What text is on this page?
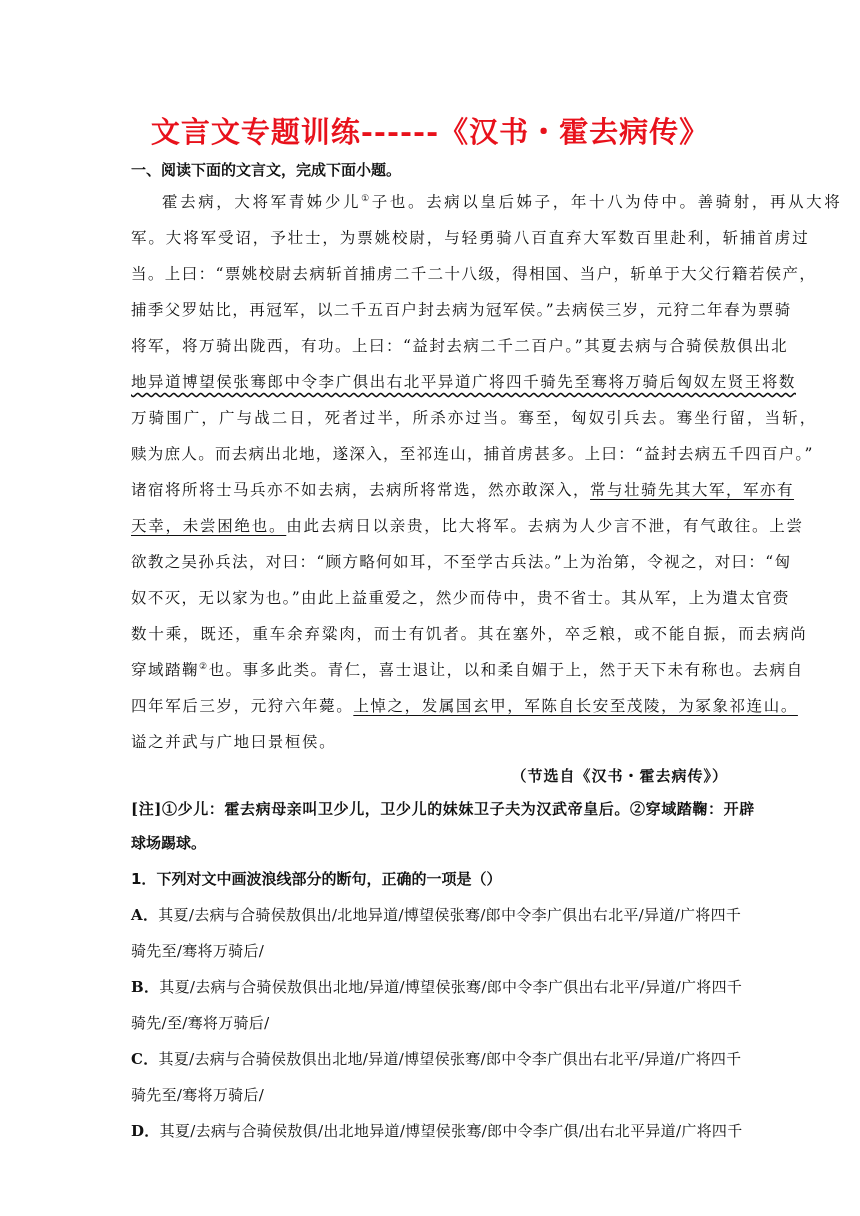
文言文专题训练------《汉书・霍去病传》
一、阅读下面的文言文，完成下面小题。
霍去病，大将军青姊少儿①子也。去病以皇后姊子，年十八为侍中。善骑射，再从大将
军。大将军受诏，予壮士，为票姚校尉，与轻勇骑八百直弃大军数百里赴利，斩捕首虏过
当。上曰：“票姚校尉去病斩首捕虏二千二十八级，得相国、当户，斩单于大父行籍若侯产，
捕季父罗姑比，再冠军，以二千五百户封去病为冠军侯。”去病侯三岁，元狩二年春为票骑
将军，将万骑出陇西，有功。上曰：“益封去病二千二百户。”其夏去病与合骑侯敖俱出北
地异道博望侯张骞郎中令李广俱出右北平异道广将四千骑先至骞将万骑后匈奴左贤王将数
万骑围广，广与战二日，死者过半，所杀亦过当。骞至，匈奴引兵去。骞坐行留，当斩，
赎为庶人。而去病出北地，遂深入，至祁连山，捕首虏甚多。上曰：“益封去病五千四百户。”
诸宿将所将士马兵亦不如去病，去病所将常选，然亦敢深入，常与壮骑先其大军，军亦有
天幸，未尝困绝也。由此去病日以亲贵，比大将军。去病为人少言不泄，有气敢往。上尝
欲教之吴孙兵法，对曰：“顾方略何如耳，不至学古兵法。”上为治第，令视之，对曰：“匈
奴不灭，无以家为也。”由此上益重爱之，然少而侍中，贵不省士。其从军，上为遣太官赍
数十乘，既还，重车余弃粱肉，而士有饥者。其在塞外，卒乏粮，或不能自振，而去病尚
穿域踏鞠②也。事多此类。青仁，喜士退让，以和柔自媚于上，然于天下未有称也。去病自
四年军后三岁，元狩六年薨。上悼之，发属国玄甲，军陈自长安至茂陵，为冢象祁连山。
谥之并武与广地曰景桓侯。
（节选自《汉书・霍去病传》）
[注]①少儿：霍去病母亲叫卫少儿，卫少儿的妹妹卫子夫为汉武帝皇后。②穿域踏鞠：开辟
球场踢球。
1．下列对文中画波浪线部分的断句，正确的一项是（）
A．其夏/去病与合骑侯敖俱出/北地异道/博望侯张骞/郎中令李广俱出右北平/异道/广将四千
骑先至/骞将万骑后/
B．其夏/去病与合骑侯敖俱出北地/异道/博望侯张骞/郎中令李广俱出右北平/异道/广将四千
骑先/至/骞将万骑后/
C．其夏/去病与合骑侯敖俱出北地/异道/博望侯张骞/郎中令李广俱出右北平/异道/广将四千
骑先至/骞将万骑后/
D．其夏/去病与合骑侯敖俱/出北地异道/博望侯张骞/郎中令李广俱/出右北平异道/广将四千
